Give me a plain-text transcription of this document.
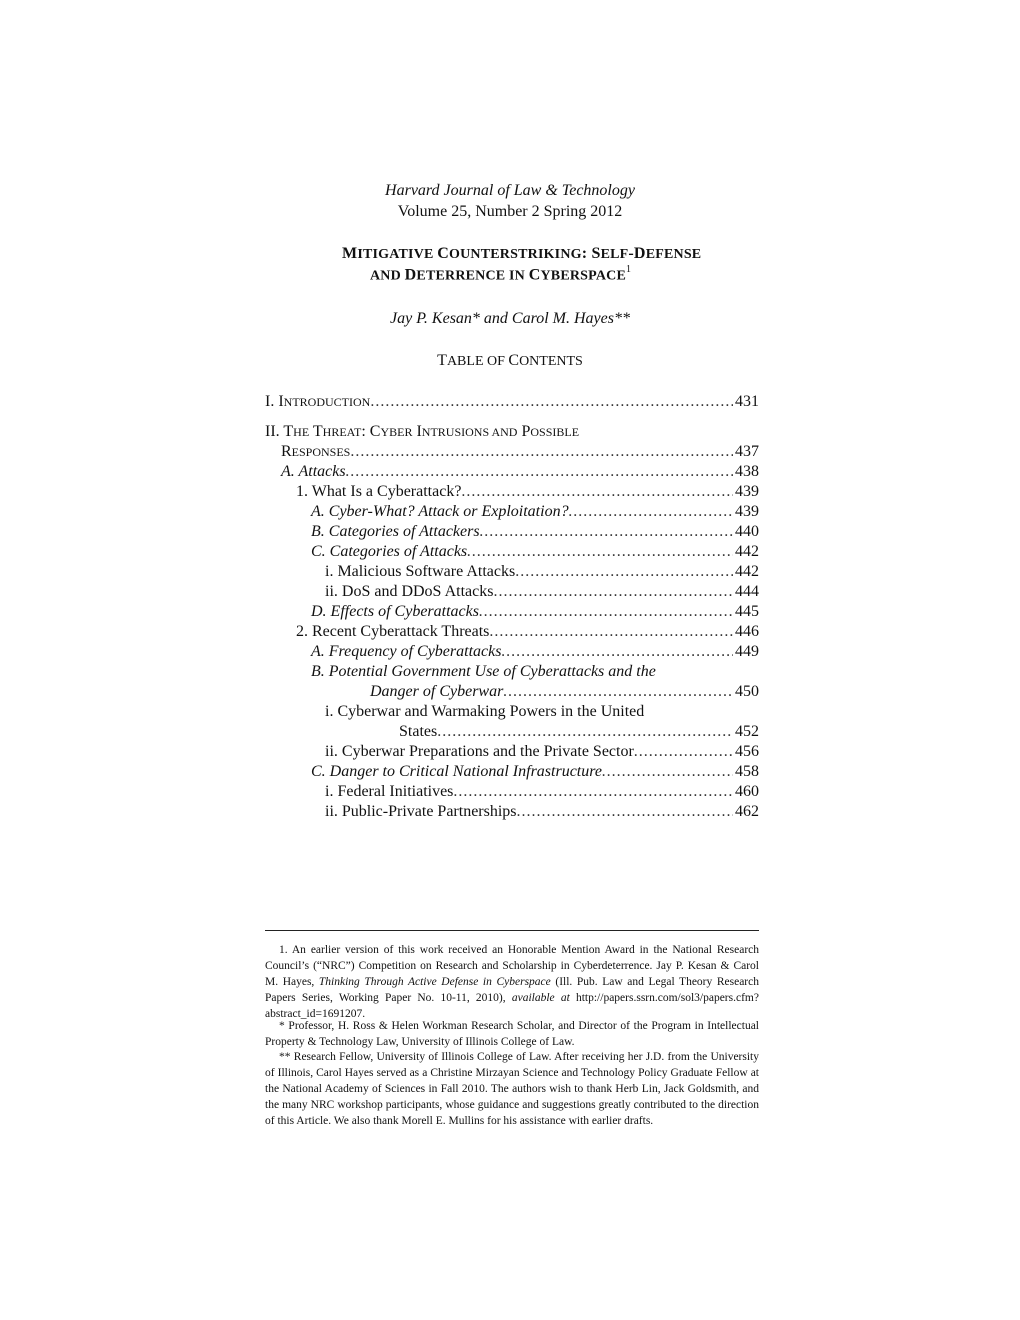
Harvard Journal of Law & Technology
Volume 25, Number 2 Spring 2012
MITIGATIVE COUNTERSTRIKING: SELF-DEFENSE
AND DETERRENCE IN CYBERSPACE$^1$
Jay P. Kesan* and Carol M. Hayes**
TABLE OF CONTENTS
I. INTRODUCTION .....	431
II. THE THREAT: CYBER INTRUSIONS AND POSSIBLE
RESPONSES .....	437
A. Attacks .....	438
1. What Is a Cyberattack? .....	439
A. Cyber-What? Attack or Exploitation? .....	439
B. Categories of Attackers .....	440
C. Categories of Attacks .....	442
i. Malicious Software Attacks .....	442
ii. DoS and DDoS Attacks .....	444
D. Effects of Cyberattacks .....	445
2. Recent Cyberattack Threats .....	446
A. Frequency of Cyberattacks .....	449
B. Potential Government Use of Cyberattacks and the
Danger of Cyberwar .....	450
i. Cyberwar and Warmaking Powers in the United
States .....	452
ii. Cyberwar Preparations and the Private Sector .....	456
C. Danger to Critical National Infrastructure .....	458
i. Federal Initiatives .....	460
ii. Public-Private Partnerships .....	462
1. An earlier version of this work received an Honorable Mention Award in the National Research Council’s (“NRC”) Competition on Research and Scholarship in Cyberdeterrence. Jay P. Kesan & Carol M. Hayes, Thinking Through Active Defense in Cyberspace (Ill. Pub. Law and Legal Theory Research Papers Series, Working Paper No. 10-11, 2010), available at http://papers.ssrn.com/sol3/papers.cfm?abstract_id=1691207.
* Professor, H. Ross & Helen Workman Research Scholar, and Director of the Program in Intellectual Property & Technology Law, University of Illinois College of Law.
** Research Fellow, University of Illinois College of Law. After receiving her J.D. from the University of Illinois, Carol Hayes served as a Christine Mirzayan Science and Technology Policy Graduate Fellow at the National Academy of Sciences in Fall 2010. The authors wish to thank Herb Lin, Jack Goldsmith, and the many NRC workshop participants, whose guidance and suggestions greatly contributed to the direction of this Article. We also thank Morell E. Mullins for his assistance with earlier drafts.
